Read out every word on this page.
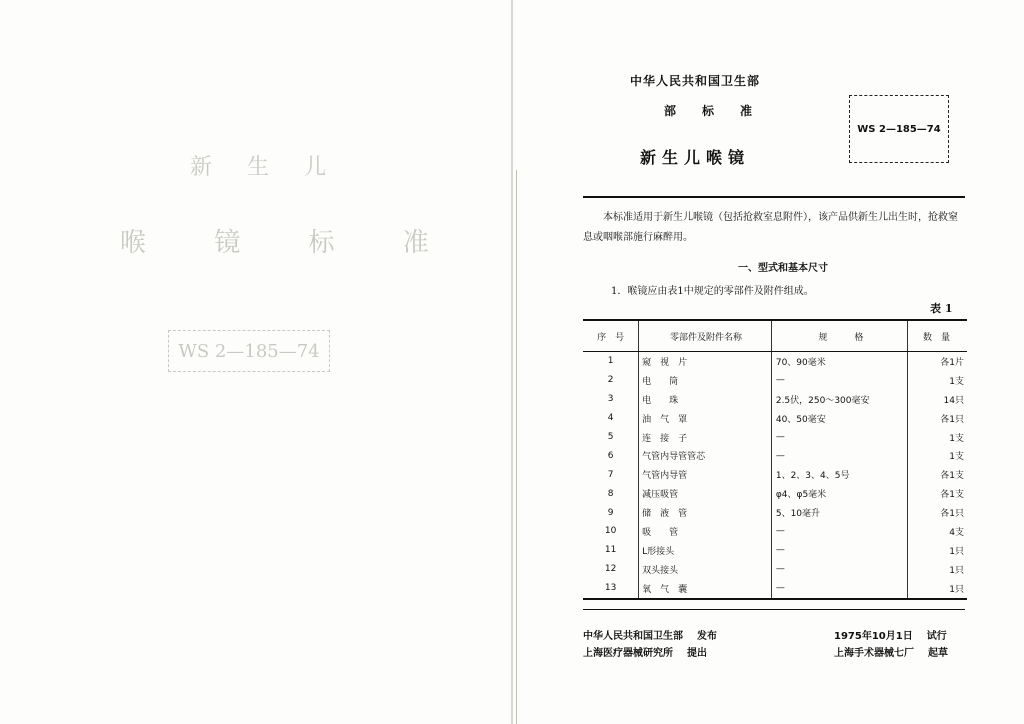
新 生 儿
喉 镜 标 准
WS 2—185—74
中华人民共和国卫生部
部标准
新生儿喉镜
WS 2—185—74
本标准适用于新生儿喉镜（包括抢救室息附件），该产品供新生儿出生时，抢救窒息或咽喉部施行麻醉用。
一、型式和基本尺寸
1．喉镜应由表1中规定的零部件及附件组成。
表 1
序　号	零部件及附件名称	规　　　格	数　量
1	窥　视　片	70、90毫米	各1片
2	电　　筒	—	1支
3	电　　珠	2.5伏，250～300毫安	14只
4	油　气　罩	40、50毫安	各1只
5	连　接　子	—	1支
6	气管内导管管芯	—	1支
7	气管内导管	1、2、3、4、5号	各1支
8	减压吸管	φ4、φ5毫米	各1支
9	储　液　管	5、10毫升	各1只
10	吸　　管	—	4支
11	L形接头	—	1只
12	双头接头	—	1只
13	氧　气　囊	—	1只
中华人民共和国卫生部 发布
上海医疗器械研究所 提出
1975年10月1日 试行
上海手术器械七厂 起草
